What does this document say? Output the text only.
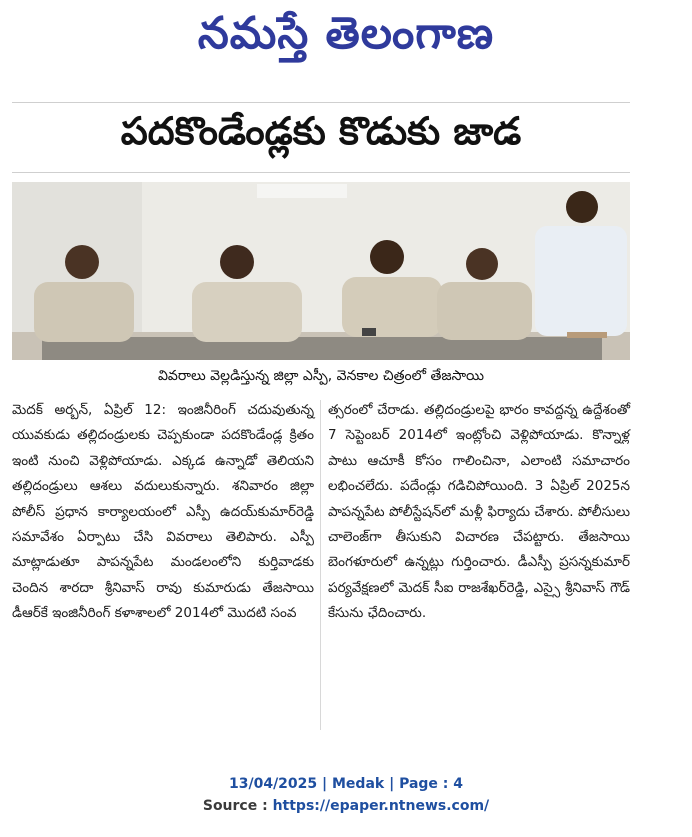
నమస్తే తెలంగాణ
పదకొండేండ్లకు కొడుకు జాడ
వివరాలు వెల్లడిస్తున్న జిల్లా ఎస్పీ, వెనకాల చిత్రంలో తేజసాయి
మెదక్ అర్బన్, ఏప్రిల్ 12: ఇంజినీరింగ్ చదువుతున్న యువకుడు తల్లిదండ్రులకు చెప్పకుండా పదకొండేండ్ల క్రితం ఇంటి నుంచి వెళ్లిపోయాడు. ఎక్కడ ఉన్నాడో తెలియని తల్లిదండ్రులు ఆశలు వదులుకున్నారు. శనివారం జిల్లా పోలీస్ ప్రధాన కార్యాలయంలో ఎస్పీ ఉదయ్‌కుమార్‌రెడ్డి సమావేశం ఏర్పాటు చేసి వివరాలు తెలిపారు. ఎస్పీ మాట్లాడుతూ పాపన్నపేట మండలంలోని కుర్తివాడకు చెందిన శారదా శ్రీనివాస్ రావు కుమారుడు తేజసాయి డీఆర్‌కే ఇంజినీరింగ్ కళాశాలలో 2014లో మొదటి సంవ
త్సరంలో చేరాడు. తల్లిదండ్రులపై భారం కావద్దన్న ఉద్దేశంతో 7 సెప్టెంబర్ 2014లో ఇంట్లోంచి వెళ్లిపోయాడు. కొన్నాళ్ల పాటు ఆచూకీ కోసం గాలించినా, ఎలాంటి సమాచారం లభించలేదు. పదేండ్లు గడిచిపోయింది. 3 ఏప్రిల్ 2025న పాపన్నపేట పోలీస్టేషన్‌లో మళ్లీ ఫిర్యాదు చేశారు. పోలీసులు చాలెంజ్‌గా తీసుకుని విచారణ చేపట్టారు. తేజసాయి బెంగళూరులో ఉన్నట్లు గుర్తించారు. డీఎస్పీ ప్రసన్నకుమార్ పర్యవేక్షణలో మెదక్ సీఐ రాజశేఖర్‌రెడ్డి, ఎస్సై శ్రీనివాస్ గౌడ్ కేసును ఛేదించారు.
13/04/2025 | Medak | Page : 4
Source : https://epaper.ntnews.com/
